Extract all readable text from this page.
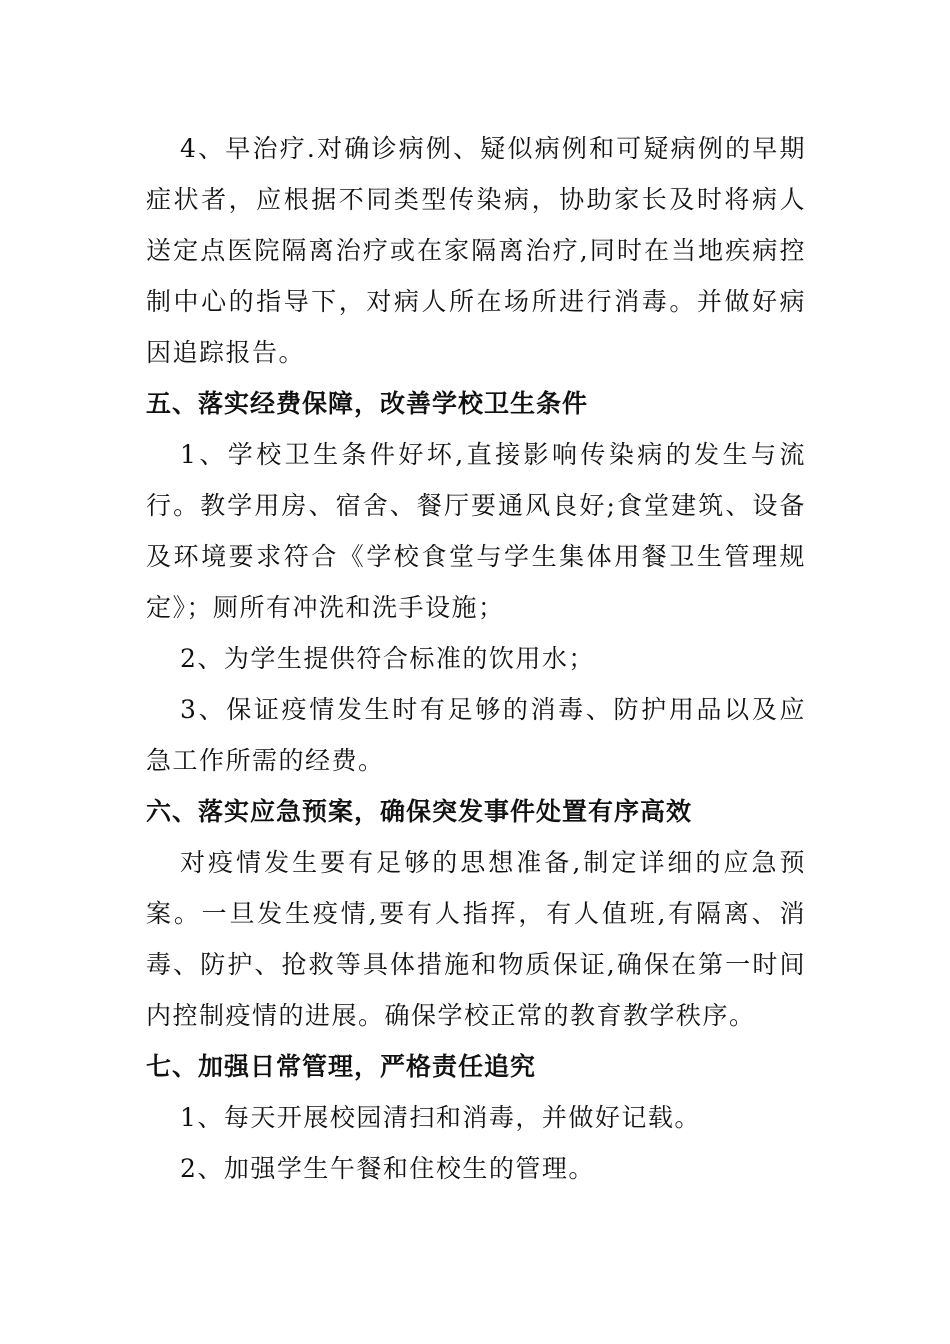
4、早治疗.对确诊病例、疑似病例和可疑病例的早期症状者，应根据不同类型传染病，协助家长及时将病人送定点医院隔离治疗或在家隔离治疗,同时在当地疾病控制中心的指导下，对病人所在场所进行消毒。并做好病因追踪报告。

五、落实经费保障，改善学校卫生条件

1、学校卫生条件好坏,直接影响传染病的发生与流行。教学用房、宿舍、餐厅要通风良好;食堂建筑、设备及环境要求符合《学校食堂与学生集体用餐卫生管理规定》；厕所有冲洗和洗手设施；

2、为学生提供符合标准的饮用水；

3、保证疫情发生时有足够的消毒、防护用品以及应急工作所需的经费。

六、落实应急预案，确保突发事件处置有序高效

对疫情发生要有足够的思想准备,制定详细的应急预案。一旦发生疫情,要有人指挥，有人值班,有隔离、消毒、防护、抢救等具体措施和物质保证,确保在第一时间内控制疫情的进展。确保学校正常的教育教学秩序。

七、加强日常管理，严格责任追究

1、每天开展校园清扫和消毒，并做好记载。

2、加强学生午餐和住校生的管理。
